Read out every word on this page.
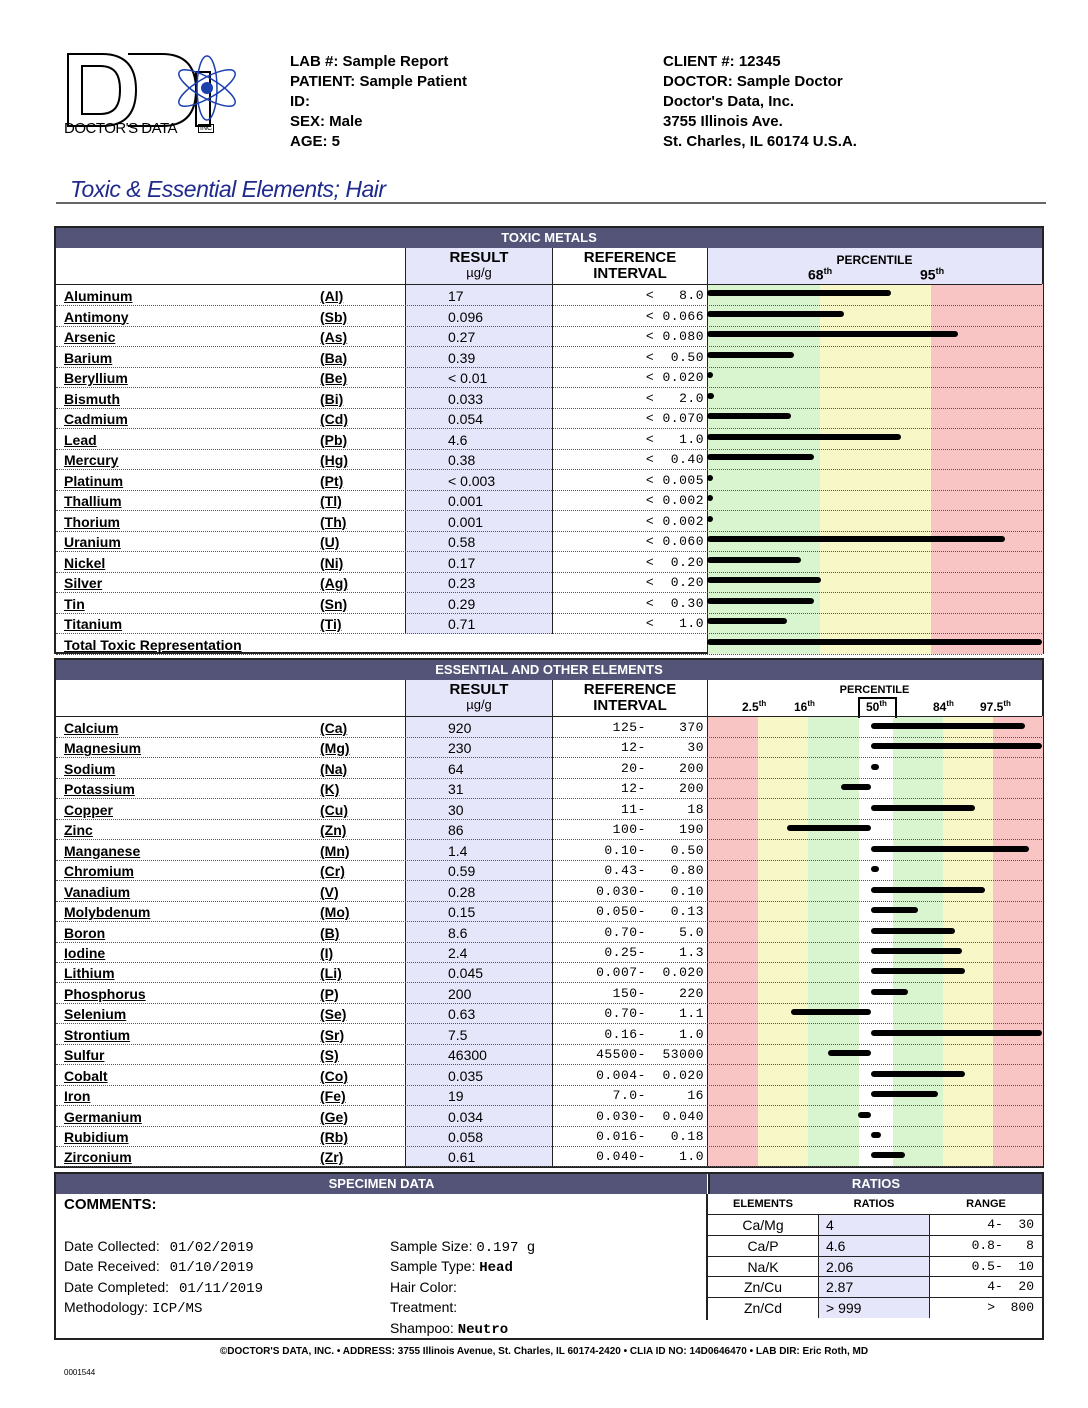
DOCTOR'S DATA	INC
LAB #: Sample Report
PATIENT: Sample Patient
ID:
SEX: Male
AGE: 5
CLIENT #: 12345
DOCTOR: Sample Doctor
Doctor's Data, Inc.
3755 Illinois Ave.
St. Charles, IL 60174 U.S.A.
Toxic & Essential Elements; Hair
TOXIC METALS
RESULT
µg/g
REFERENCE
INTERVAL
PERCENTILE
68th	95th
Aluminum	(Al)	17	<   8.0
Antimony	(Sb)	0.096	< 0.066
Arsenic	(As)	0.27	< 0.080
Barium	(Ba)	0.39	<  0.50
Beryllium	(Be)	< 0.01	< 0.020
Bismuth	(Bi)	0.033	<   2.0
Cadmium	(Cd)	0.054	< 0.070
Lead	(Pb)	4.6	<   1.0
Mercury	(Hg)	0.38	<  0.40
Platinum	(Pt)	< 0.003	< 0.005
Thallium	(Tl)	0.001	< 0.002
Thorium	(Th)	0.001	< 0.002
Uranium	(U)	0.58	< 0.060
Nickel	(Ni)	0.17	<  0.20
Silver	(Ag)	0.23	<  0.20
Tin	(Sn)	0.29	<  0.30
Titanium	(Ti)	0.71	<   1.0
Total Toxic Representation
ESSENTIAL AND OTHER ELEMENTS
RESULT
µg/g
REFERENCE
INTERVAL
PERCENTILE
2.5th 16th	50th	84th 97.5th
Calcium	(Ca)	920	125-    370
Magnesium	(Mg)	230	12-     30
Sodium	(Na)	64	20-    200
Potassium	(K)	31	12-    200
Copper	(Cu)	30	11-     18
Zinc	(Zn)	86	100-    190
Manganese	(Mn)	1.4	0.10-   0.50
Chromium	(Cr)	0.59	0.43-   0.80
Vanadium	(V)	0.28	0.030-   0.10
Molybdenum	(Mo)	0.15	0.050-   0.13
Boron	(B)	8.6	0.70-    5.0
Iodine	(I)	2.4	0.25-    1.3
Lithium	(Li)	0.045	0.007-  0.020
Phosphorus	(P)	200	150-    220
Selenium	(Se)	0.63	0.70-    1.1
Strontium	(Sr)	7.5	0.16-    1.0
Sulfur	(S)	46300	45500-  53000
Cobalt	(Co)	0.035	0.004-  0.020
Iron	(Fe)	19	7.0-     16
Germanium	(Ge)	0.034	0.030-  0.040
Rubidium	(Rb)	0.058	0.016-   0.18
Zirconium	(Zr)	0.61	0.040-    1.0
SPECIMEN DATA	RATIOS
COMMENTS:
Date Collected: 01/02/2019
Date Received: 01/10/2019
Date Completed: 01/11/2019
Methodology: ICP/MS
Sample Size: 0.197 g
Sample Type: Head
Hair Color:
Treatment:
Shampoo: Neutro
ELEMENTS	RATIOS	RANGE
Ca/Mg	4	4-  30
Ca/P	4.6	0.8-   8
Na/K	2.06	0.5-  10
Zn/Cu	2.87	4-  20
Zn/Cd	> 999	>  800
©DOCTOR'S DATA, INC. • ADDRESS: 3755 Illinois Avenue, St. Charles, IL 60174-2420 • CLIA ID NO: 14D0646470 • LAB DIR: Eric Roth, MD
0001544
